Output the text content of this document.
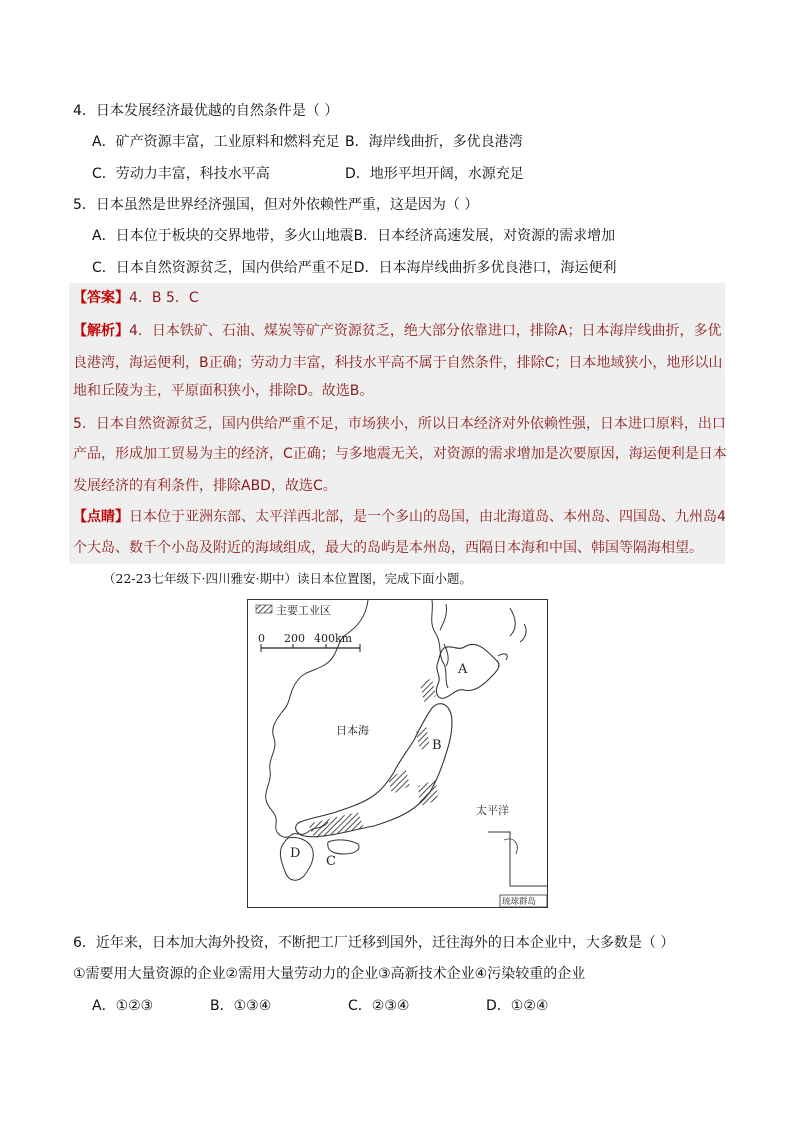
4．日本发展经济最优越的自然条件是（ ）
A．矿产资源丰富，工业原料和燃料充足 B．海岸线曲折，多优良港湾
C．劳动力丰富，科技水平高	D．地形平坦开阔，水源充足
5．日本虽然是世界经济强国，但对外依赖性严重，这是因为（ ）
A．日本位于板块的交界地带，多火山地震B．日本经济高速发展，对资源的需求增加
C．日本自然资源贫乏，国内供给严重不足D．日本海岸线曲折多优良港口，海运便利
【答案】4．B 5．C
【解析】4．日本铁矿、石油、煤炭等矿产资源贫乏，绝大部分依靠进口，排除A；日本海岸线曲折，多优
良港湾，海运便利，B正确；劳动力丰富，科技水平高不属于自然条件，排除C；日本地域狭小，地形以山
地和丘陵为主，平原面积狭小，排除D。故选B。
5．日本自然资源贫乏，国内供给严重不足，市场狭小，所以日本经济对外依赖性强，日本进口原料，出口
产品，形成加工贸易为主的经济，C正确；与多地震无关，对资源的需求增加是次要原因，海运便利是日本
发展经济的有利条件，排除ABD，故选C。
【点睛】日本位于亚洲东部、太平洋西北部，是一个多山的岛国，由北海道岛、本州岛、四国岛、九州岛4
个大岛、数千个小岛及附近的海域组成，最大的岛屿是本州岛，西隔日本海和中国、韩国等隔海相望。
（22-23七年级下·四川雅安·期中）读日本位置图，完成下面小题。
主要工业区
0 200 400km
A
B
C
D
日本海
太平洋
琉球群岛
6．近年来，日本加大海外投资，不断把工厂迁移到国外，迁往海外的日本企业中，大多数是（ ）
①需要用大量资源的企业②需用大量劳动力的企业③高新技术企业④污染较重的企业
A．①②③	B．①③④	C．②③④	D．①②④
